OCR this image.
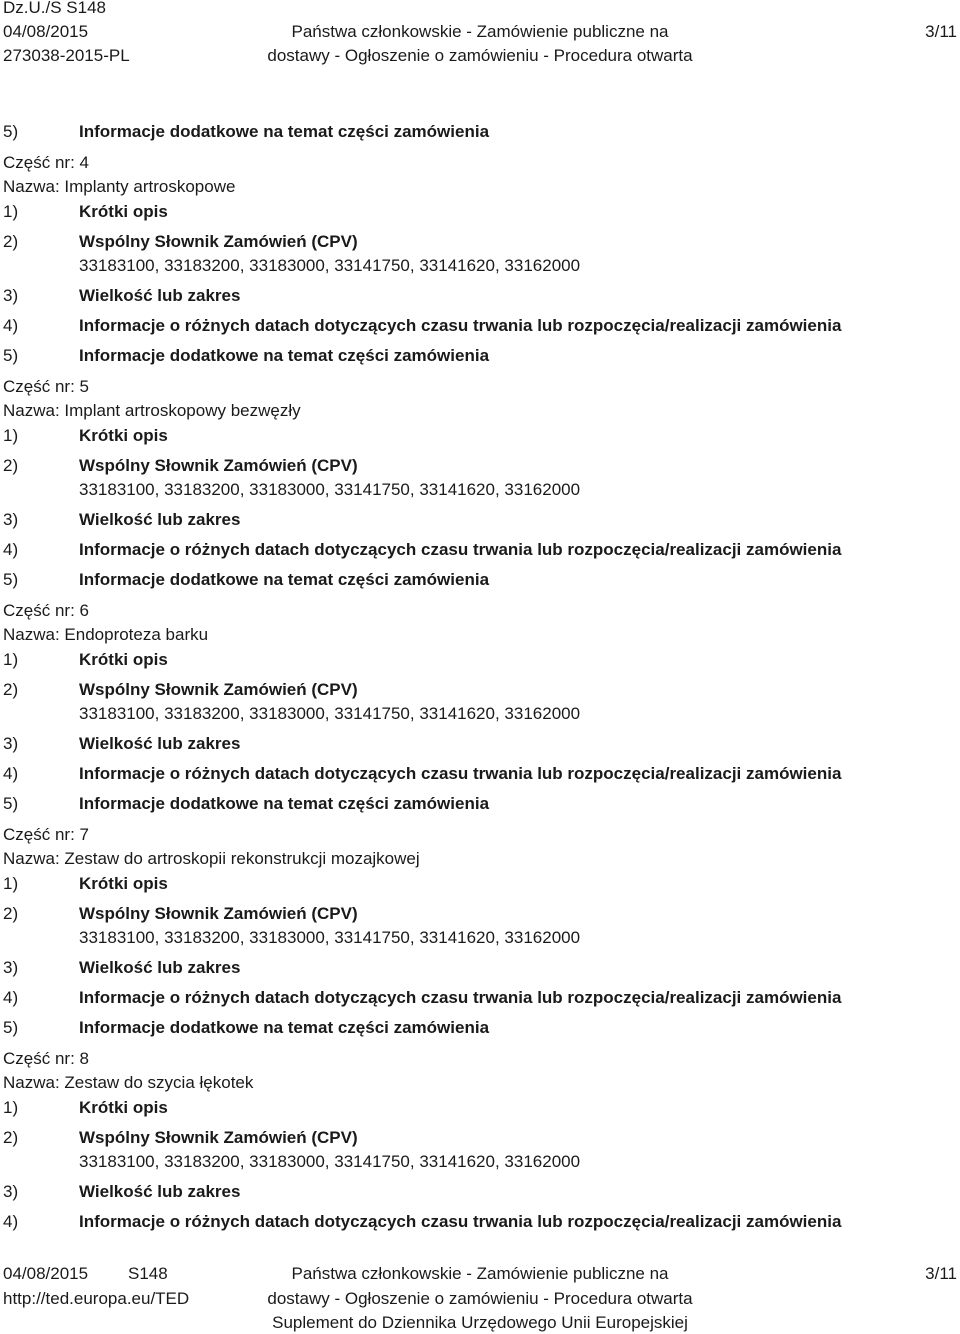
Dz.U./S S148
04/08/2015
273038-2015-PL
Państwa członkowskie - Zamówienie publiczne na
dostawy - Ogłoszenie o zamówieniu - Procedura otwarta
3/11
5)	Informacje dodatkowe na temat części zamówienia
Część nr: 4
Nazwa: Implanty artroskopowe
1)	Krótki opis
2)	Wspólny Słownik Zamówień (CPV)
33183100, 33183200, 33183000, 33141750, 33141620, 33162000
3)	Wielkość lub zakres
4)	Informacje o różnych datach dotyczących czasu trwania lub rozpoczęcia/realizacji zamówienia
5)	Informacje dodatkowe na temat części zamówienia
Część nr: 5
Nazwa: Implant artroskopowy bezwęzły
1)	Krótki opis
2)	Wspólny Słownik Zamówień (CPV)
33183100, 33183200, 33183000, 33141750, 33141620, 33162000
3)	Wielkość lub zakres
4)	Informacje o różnych datach dotyczących czasu trwania lub rozpoczęcia/realizacji zamówienia
5)	Informacje dodatkowe na temat części zamówienia
Część nr: 6
Nazwa: Endoproteza barku
1)	Krótki opis
2)	Wspólny Słownik Zamówień (CPV)
33183100, 33183200, 33183000, 33141750, 33141620, 33162000
3)	Wielkość lub zakres
4)	Informacje o różnych datach dotyczących czasu trwania lub rozpoczęcia/realizacji zamówienia
5)	Informacje dodatkowe na temat części zamówienia
Część nr: 7
Nazwa: Zestaw do artroskopii rekonstrukcji mozajkowej
1)	Krótki opis
2)	Wspólny Słownik Zamówień (CPV)
33183100, 33183200, 33183000, 33141750, 33141620, 33162000
3)	Wielkość lub zakres
4)	Informacje o różnych datach dotyczących czasu trwania lub rozpoczęcia/realizacji zamówienia
5)	Informacje dodatkowe na temat części zamówienia
Część nr: 8
Nazwa: Zestaw do szycia łękotek
1)	Krótki opis
2)	Wspólny Słownik Zamówień (CPV)
33183100, 33183200, 33183000, 33141750, 33141620, 33162000
3)	Wielkość lub zakres
4)	Informacje o różnych datach dotyczących czasu trwania lub rozpoczęcia/realizacji zamówienia
04/08/2015 S148
http://ted.europa.eu/TED
Państwa członkowskie - Zamówienie publiczne na
dostawy - Ogłoszenie o zamówieniu - Procedura otwarta
Suplement do Dziennika Urzędowego Unii Europejskiej
3/11
